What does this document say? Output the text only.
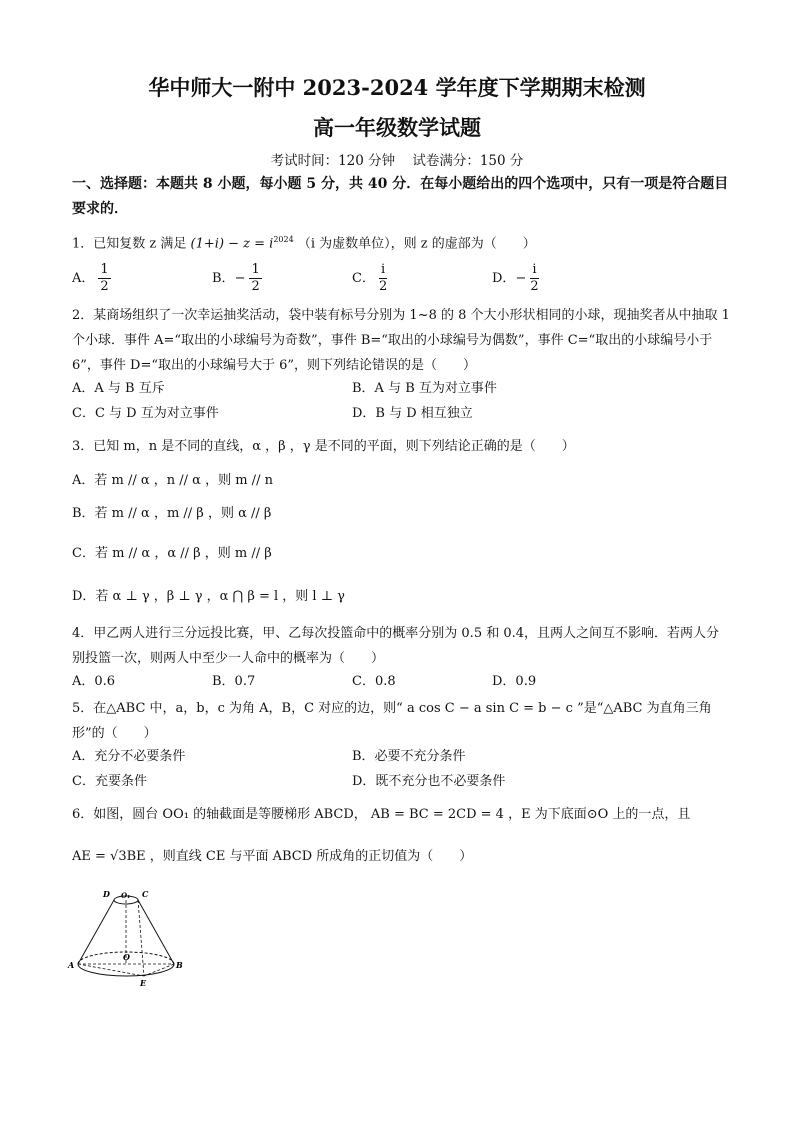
华中师大一附中 2023-2024 学年度下学期期末检测
高一年级数学试题
考试时间：120 分钟    试卷满分：150 分
一、选择题：本题共 8 小题，每小题 5 分，共 40 分．在每小题给出的四个选项中，只有一项是符合题目要求的．
1．已知复数 z 满足 $(1+i) - z = i^{2024}$ （i 为虚数单位），则 z 的虚部为（　　）
A． $\frac{1}{2}$	B．− $\frac{1}{2}$	C． $\frac{i}{2}$	D．− $\frac{i}{2}$
2．某商场组织了一次幸运抽奖活动，袋中装有标号分别为 1~8 的 8 个大小形状相同的小球，现抽奖者从中抽取 1 个小球．事件 A=“取出的小球编号为奇数”，事件 B=“取出的小球编号为偶数”，事件 C=“取出的小球编号小于 6”，事件 D=“取出的小球编号大于 6”，则下列结论错误的是（　　）
A．A 与 B 互斥	B．A 与 B 互为对立事件
C．C 与 D 互为对立事件	D．B 与 D 相互独立
3．已知 m，n 是不同的直线，α ，β ，γ 是不同的平面，则下列结论正确的是（　　）
A．若 m // α ，n // α ，则 m // n
B．若 m // α ，m // β ，则 α // β
C．若 m // α ，α // β ，则 m // β
D．若 α ⊥ γ ，β ⊥ γ ，α ⋂ β = l ，则 l ⊥ γ
4．甲乙两人进行三分远投比赛，甲、乙每次投篮命中的概率分别为 0.5 和 0.4，且两人之间互不影响．若两人分别投篮一次，则两人中至少一人命中的概率为（　　）
A．0.6	B．0.7	C．0.8	D．0.9
5．在△ABC 中，a，b，c 为角 A，B，C 对应的边，则“ a cos C − a sin C = b − c ”是“△ABC 为直角三角形”的（　　）
A．充分不必要条件	B．必要不充分条件
C．充要条件	D．既不充分也不必要条件
6．如图，圆台 OO₁ 的轴截面是等腰梯形 ABCD， AB = BC = 2CD = 4 ，E 为下底面⊙O 上的一点，且
AE = √3BE ，则直线 CE 与平面 ABCD 所成角的正切值为（　　）
D O₁ C
A
O
B
E
